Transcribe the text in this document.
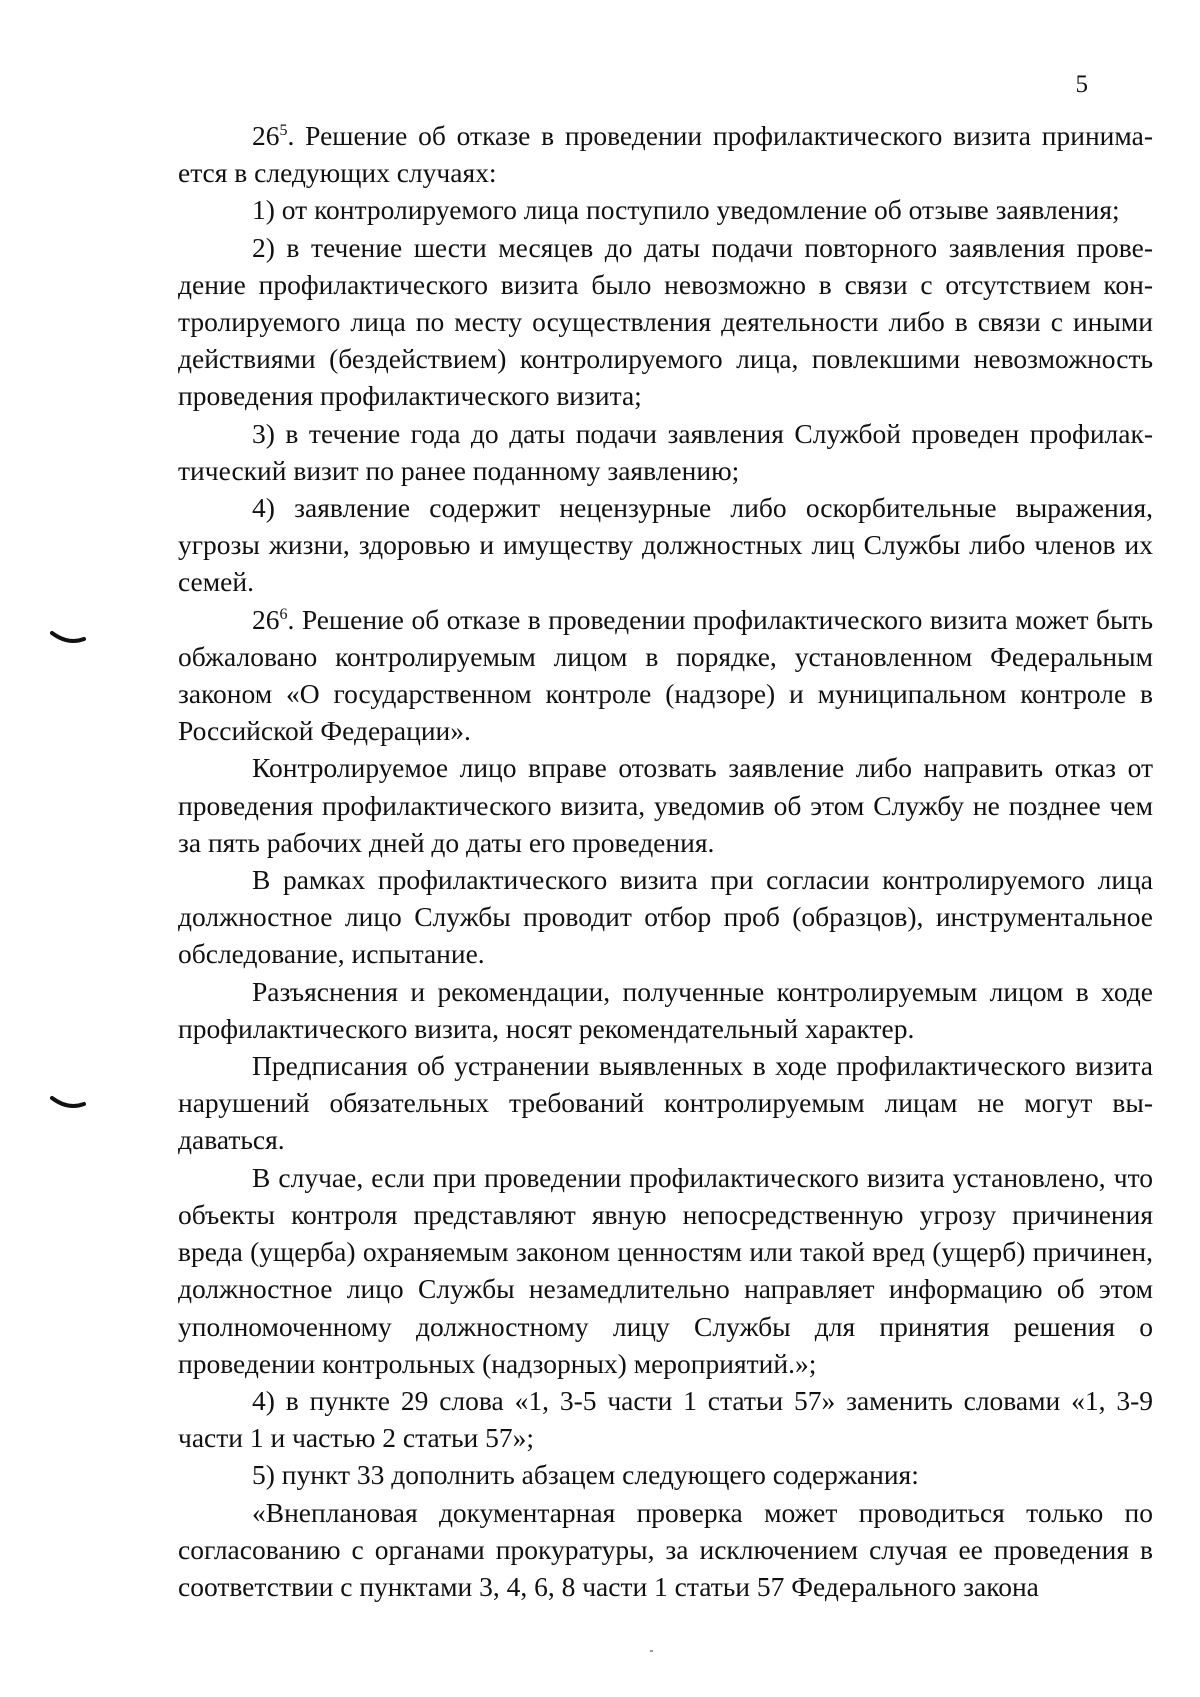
5

$26^5$. Решение об отказе в проведении профилактического визита принимается в следующих случаях:

1) от контролируемого лица поступило уведомление об отзыве заявления;

2) в течение шести месяцев до даты подачи повторного заявления проведение профилактического визита было невозможно в связи с отсутствием контролируемого лица по месту осуществления деятельности либо в связи с иными действиями (бездействием) контролируемого лица, повлекшими невозможность проведения профилактического визита;

3) в течение года до даты подачи заявления Службой проведен профилактический визит по ранее поданному заявлению;

4) заявление содержит нецензурные либо оскорбительные выражения, угрозы жизни, здоровью и имуществу должностных лиц Службы либо членов их семей.

$26^6$. Решение об отказе в проведении профилактического визита может быть обжаловано контролируемым лицом в порядке, установленном Федеральным законом «О государственном контроле (надзоре) и муниципальном контроле в Российской Федерации».

Контролируемое лицо вправе отозвать заявление либо направить отказ от проведения профилактического визита, уведомив об этом Службу не позднее чем за пять рабочих дней до даты его проведения.

В рамках профилактического визита при согласии контролируемого лица должностное лицо Службы проводит отбор проб (образцов), инструментальное обследование, испытание.

Разъяснения и рекомендации, полученные контролируемым лицом в ходе профилактического визита, носят рекомендательный характер.

Предписания об устранении выявленных в ходе профилактического визита нарушений обязательных требований контролируемым лицам не могут выдаваться.

В случае, если при проведении профилактического визита установлено, что объекты контроля представляют явную непосредственную угрозу причинения вреда (ущерба) охраняемым законом ценностям или такой вред (ущерб) причинен, должностное лицо Службы незамедлительно направляет информацию об этом уполномоченному должностному лицу Службы для принятия решения о проведении контрольных (надзорных) мероприятий.»;

4) в пункте 29 слова «1, 3-5 части 1 статьи 57» заменить словами «1, 3-9 части 1 и частью 2 статьи 57»;

5) пункт 33 дополнить абзацем следующего содержания:

«Внеплановая документарная проверка может проводиться только по согласованию с органами прокуратуры, за исключением случая ее проведения в соответствии с пунктами 3, 4, 6, 8 части 1 статьи 57 Федерального закона
